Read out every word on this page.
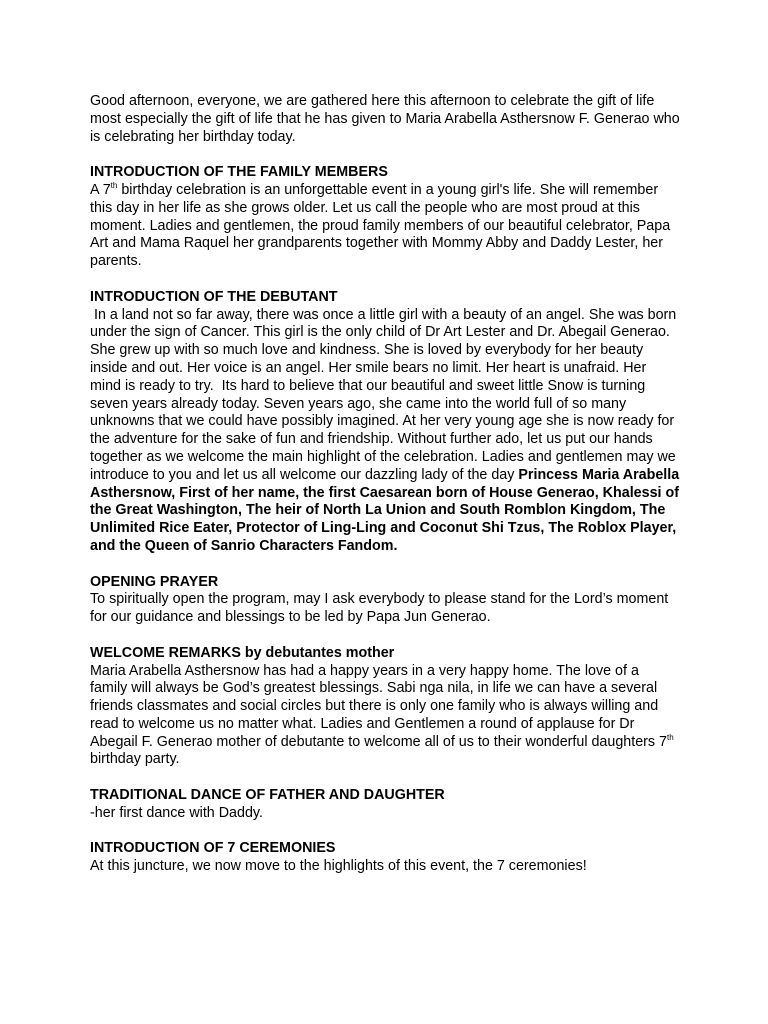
Good afternoon, everyone, we are gathered here this afternoon to celebrate the gift of life most especially the gift of life that he has given to Maria Arabella Asthersnow F. Generao who is celebrating her birthday today.
INTRODUCTION OF THE FAMILY MEMBERS
A 7th birthday celebration is an unforgettable event in a young girl's life. She will remember this day in her life as she grows older. Let us call the people who are most proud at this moment. Ladies and gentlemen, the proud family members of our beautiful celebrator, Papa Art and Mama Raquel her grandparents together with Mommy Abby and Daddy Lester, her parents.
INTRODUCTION OF THE DEBUTANT
In a land not so far away, there was once a little girl with a beauty of an angel. She was born under the sign of Cancer. This girl is the only child of Dr Art Lester and Dr. Abegail Generao. She grew up with so much love and kindness. She is loved by everybody for her beauty inside and out. Her voice is an angel. Her smile bears no limit. Her heart is unafraid. Her mind is ready to try.  Its hard to believe that our beautiful and sweet little Snow is turning seven years already today. Seven years ago, she came into the world full of so many unknowns that we could have possibly imagined. At her very young age she is now ready for the adventure for the sake of fun and friendship. Without further ado, let us put our hands together as we welcome the main highlight of the celebration. Ladies and gentlemen may we introduce to you and let us all welcome our dazzling lady of the day Princess Maria Arabella Asthersnow, First of her name, the first Caesarean born of House Generao, Khalessi of the Great Washington, The heir of North La Union and South Romblon Kingdom, The Unlimited Rice Eater, Protector of Ling-Ling and Coconut Shi Tzus, The Roblox Player, and the Queen of Sanrio Characters Fandom.
OPENING PRAYER
To spiritually open the program, may I ask everybody to please stand for the Lord’s moment for our guidance and blessings to be led by Papa Jun Generao.
WELCOME REMARKS by debutantes mother
Maria Arabella Asthersnow has had a happy years in a very happy home. The love of a family will always be God’s greatest blessings. Sabi nga nila, in life we can have a several friends classmates and social circles but there is only one family who is always willing and read to welcome us no matter what. Ladies and Gentlemen a round of applause for Dr Abegail F. Generao mother of debutante to welcome all of us to their wonderful daughters 7th birthday party.
TRADITIONAL DANCE OF FATHER AND DAUGHTER
-her first dance with Daddy.
INTRODUCTION OF 7 CEREMONIES
At this juncture, we now move to the highlights of this event, the 7 ceremonies!
